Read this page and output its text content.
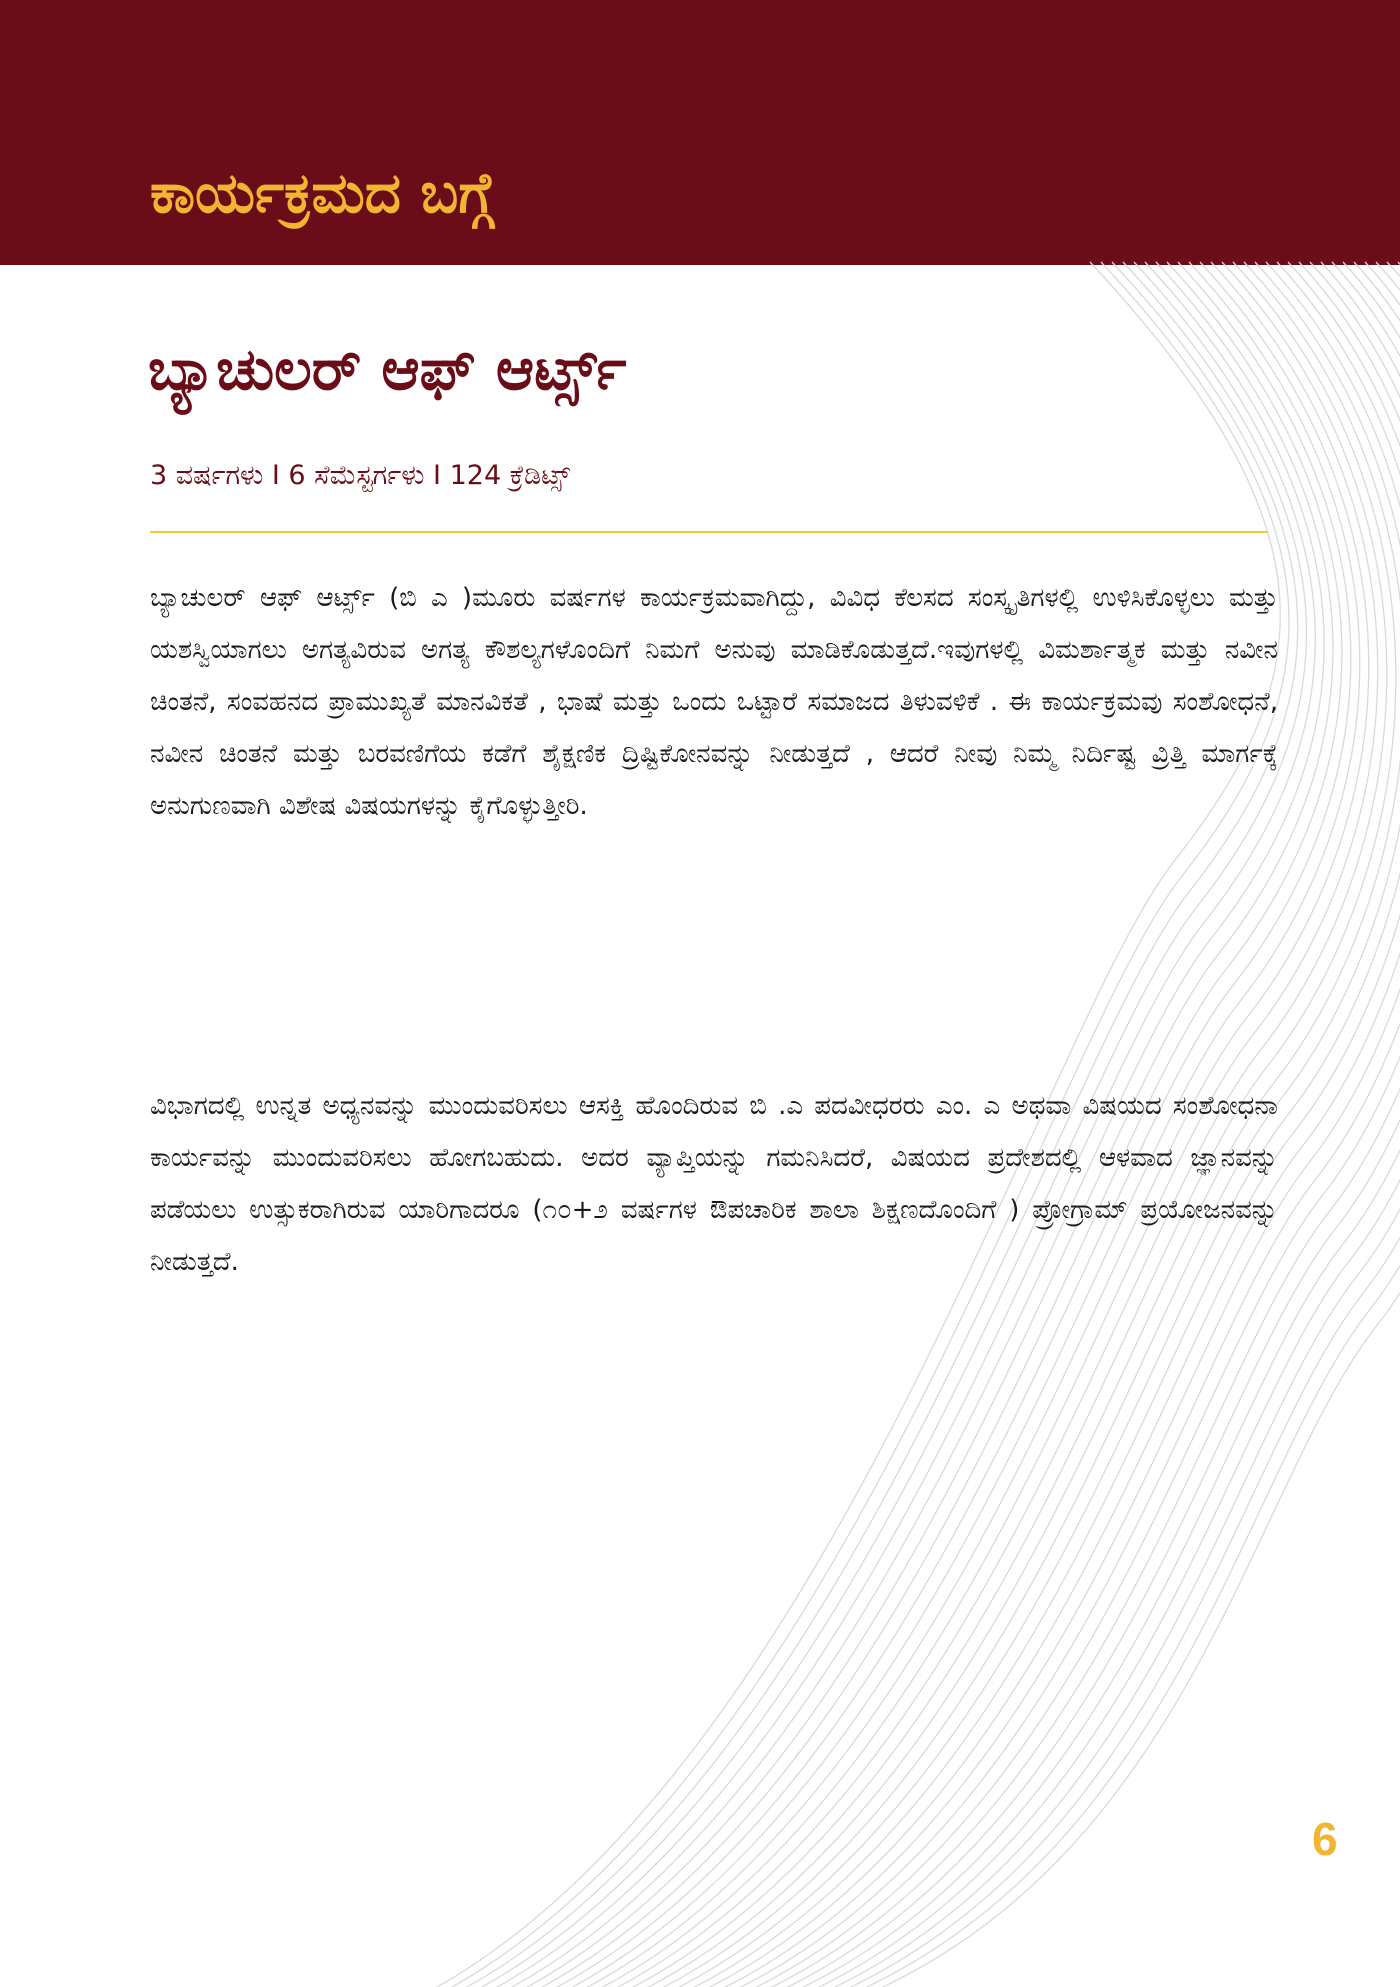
ಕಾರ್ಯಕ್ರಮದ ಬಗ್ಗೆ
ಬ್ಯಾಚುಲರ್ ಆಫ್ ಆರ್ಟ್ಸ್

3 ವರ್ಷಗಳು I 6 ಸೆಮೆಸ್ಟರ್ಗಳು I 124 ಕ್ರೆಡಿಟ್ಸ್

ಬ್ಯಾಚುಲರ್ ಆಫ್ ಆರ್ಟ್ಸ್ (ಬಿ ಎ )ಮೂರು ವರ್ಷಗಳ ಕಾರ್ಯಕ್ರಮವಾಗಿದ್ದು, ವಿವಿಧ ಕೆಲಸದ ಸಂಸ್ಕೃತಿಗಳಲ್ಲಿ ಉಳಿಸಿಕೊಳ್ಳಲು ಮತ್ತು ಯಶಸ್ವಿಯಾಗಲು ಅಗತ್ಯವಿರುವ ಅಗತ್ಯ ಕೌಶಲ್ಯಗಳೊಂದಿಗೆ ನಿಮಗೆ ಅನುವು ಮಾಡಿಕೊಡುತ್ತದೆ.ಇವುಗಳಲ್ಲಿ ವಿಮರ್ಶಾತ್ಮಕ ಮತ್ತು ನವೀನ ಚಿಂತನೆ, ಸಂವಹನದ ಪ್ರಾಮುಖ್ಯತೆ ಮಾನವಿಕತೆ , ಭಾಷೆ ಮತ್ತು ಒಂದು ಒಟ್ಟಾರೆ ಸಮಾಜದ ತಿಳುವಳಿಕೆ . ಈ ಕಾರ್ಯಕ್ರಮವು ಸಂಶೋಧನೆ, ನವೀನ ಚಿಂತನೆ ಮತ್ತು ಬರವಣಿಗೆಯ ಕಡೆಗೆ ಶೈಕ್ಷಣಿಕ ದ್ರಿಷ್ಟಿಕೋನವನ್ನು ನೀಡುತ್ತದೆ , ಆದರೆ ನೀವು ನಿಮ್ಮ ನಿರ್ದಿಷ್ಟ ವ್ರಿತ್ತಿ ಮಾರ್ಗಕ್ಕೆ ಅನುಗುಣವಾಗಿ ವಿಶೇಷ ವಿಷಯಗಳನ್ನು ಕೈಗೊಳ್ಳುತ್ತೀರಿ.

ವಿಭಾಗದಲ್ಲಿ ಉನ್ನತ ಅಧ್ಯನವನ್ನು ಮುಂದುವರಿಸಲು ಆಸಕ್ತಿ ಹೊಂದಿರುವ ಬಿ .ಎ ಪದವೀಧರರು ಎಂ. ಎ ಅಥವಾ ವಿಷಯದ ಸಂಶೋಧನಾ ಕಾರ್ಯವನ್ನು ಮುಂದುವರಿಸಲು ಹೋಗಬಹುದು. ಅದರ ವ್ಯಾಪ್ತಿಯನ್ನು ಗಮನಿಸಿದರೆ, ವಿಷಯದ ಪ್ರದೇಶದಲ್ಲಿ ಆಳವಾದ ಜ್ಞಾನವನ್ನು ಪಡೆಯಲು ಉತ್ಸುಕರಾಗಿರುವ ಯಾರಿಗಾದರೂ (೧೦+೨ ವರ್ಷಗಳ ಔಪಚಾರಿಕ ಶಾಲಾ ಶಿಕ್ಷಣದೊಂದಿಗೆ ) ಪ್ರೋಗ್ರಾಮ್ ಪ್ರಯೋಜನವನ್ನು ನೀಡುತ್ತದೆ.

6
